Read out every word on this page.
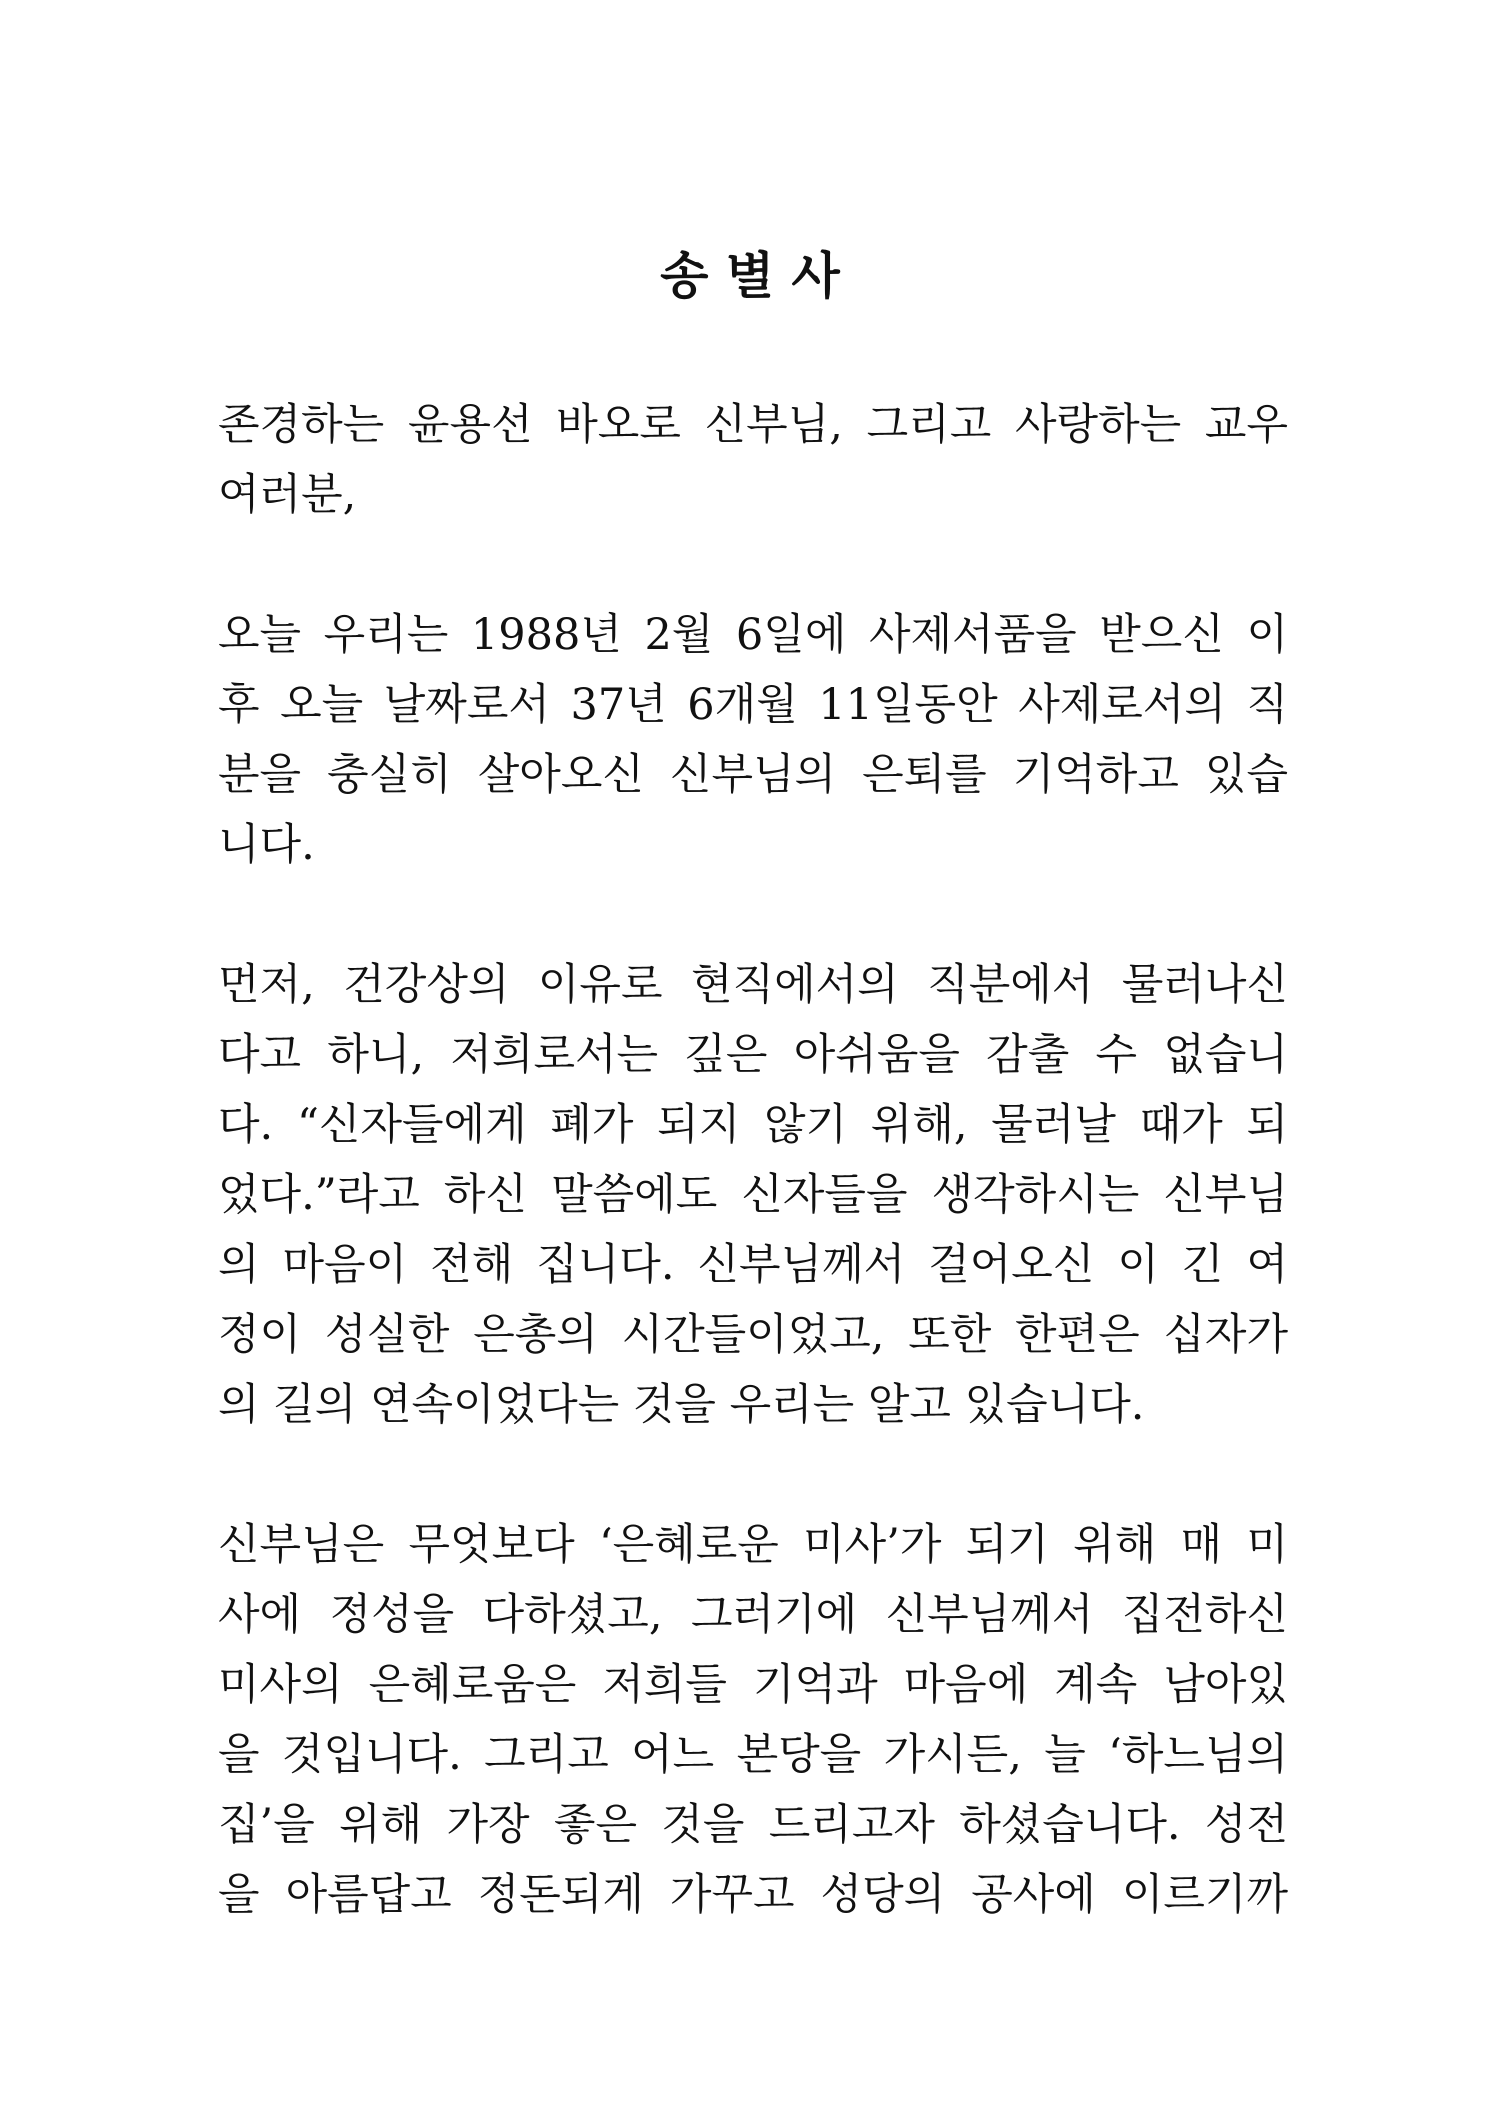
송 별 사
존경하는 윤용선 바오로 신부님, 그리고 사랑하는 교우
여러분,
오늘 우리는 1988년 2월 6일에 사제서품을 받으신 이
후 오늘 날짜로서 37년 6개월 11일동안 사제로서의 직
분을 충실히 살아오신 신부님의 은퇴를 기억하고 있습
니다.
먼저, 건강상의 이유로 현직에서의 직분에서 물러나신
다고 하니, 저희로서는 깊은 아쉬움을 감출 수 없습니
다. “신자들에게 폐가 되지 않기 위해, 물러날 때가 되
었다.”라고 하신 말씀에도 신자들을 생각하시는 신부님
의 마음이 전해 집니다. 신부님께서 걸어오신 이 긴 여
정이 성실한 은총의 시간들이었고, 또한 한편은 십자가
의 길의 연속이었다는 것을 우리는 알고 있습니다.
신부님은 무엇보다 ‘은혜로운 미사’가 되기 위해 매 미
사에 정성을 다하셨고, 그러기에 신부님께서 집전하신
미사의 은혜로움은 저희들 기억과 마음에 계속 남아있
을 것입니다. 그리고 어느 본당을 가시든, 늘 ‘하느님의
집’을 위해 가장 좋은 것을 드리고자 하셨습니다. 성전
을 아름답고 정돈되게 가꾸고 성당의 공사에 이르기까
